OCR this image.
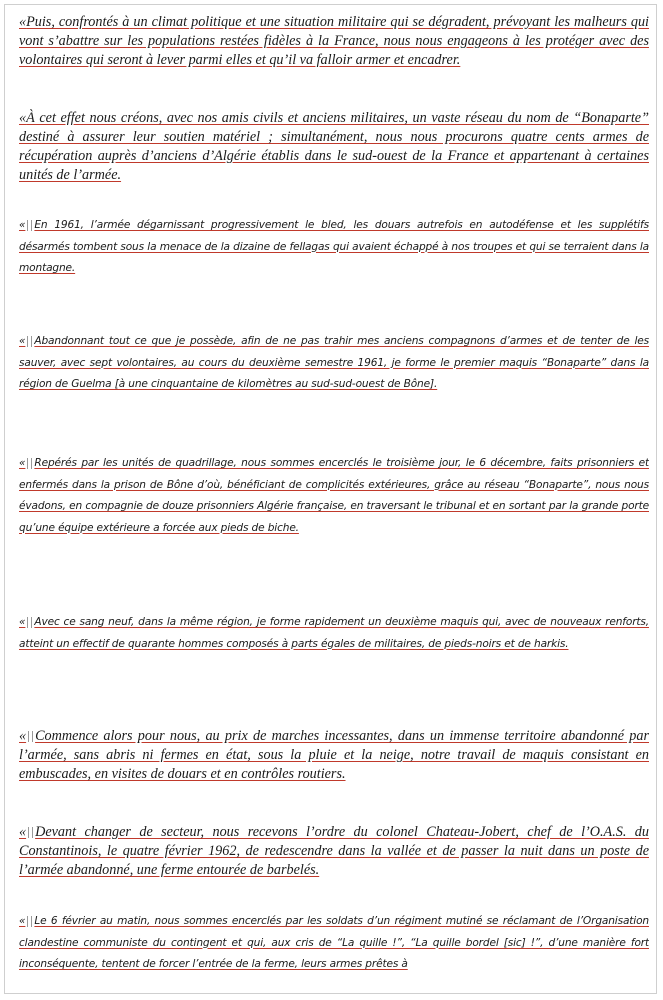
«Puis, confrontés à un climat politique et une situation militaire qui se dégradent, prévoyant les malheurs qui vont s’abattre sur les populations restées fidèles à la France, nous nous engageons à les protéger avec des volontaires qui seront à lever parmi elles et qu’il va falloir armer et encadrer.

«À cet effet nous créons, avec nos amis civils et anciens militaires, un vaste réseau du nom de “Bonaparte” destiné à assurer leur soutien matériel ; simultanément, nous nous procurons quatre cents armes de récupération auprès d’anciens d’Algérie établis dans le sud-ouest de la France et appartenant à certaines unités de l’armée.

« En 1961, l’armée dégarnissant progressivement le bled, les douars autrefois en autodéfense et les supplétifs désarmés tombent sous la menace de la dizaine de fellagas qui avaient échappé à nos troupes et qui se terraient dans la montagne.

« Abandonnant tout ce que je possède, afin de ne pas trahir mes anciens compagnons d’armes et de tenter de les sauver, avec sept volontaires, au cours du deuxième semestre 1961, je forme le premier maquis “Bonaparte” dans la région de Guelma [à une cinquantaine de kilomètres au sud-sud-ouest de Bône].

« Repérés par les unités de quadrillage, nous sommes encerclés le troisième jour, le 6 décembre, faits prisonniers et enfermés dans la prison de Bône d’où, bénéficiant de complicités extérieures, grâce au réseau “Bonaparte”, nous nous évadons, en compagnie de douze prisonniers Algérie française, en traversant le tribunal et en sortant par la grande porte qu’une équipe extérieure a forcée aux pieds de biche.

« Avec ce sang neuf, dans la même région, je forme rapidement un deuxième maquis qui, avec de nouveaux renforts, atteint un effectif de quarante hommes composés à parts égales de militaires, de pieds-noirs et de harkis.

« Commence alors pour nous, au prix de marches incessantes, dans un immense territoire abandonné par l’armée, sans abris ni fermes en état, sous la pluie et la neige, notre travail de maquis consistant en embuscades, en visites de douars et en contrôles routiers.

« Devant changer de secteur, nous recevons l’ordre du colonel Chateau-Jobert, chef de l’O.A.S. du Constantinois, le quatre février 1962, de redescendre dans la vallée et de passer la nuit dans un poste de l’armée abandonné, une ferme entourée de barbelés.

« Le 6 février au matin, nous sommes encerclés par les soldats d’un régiment mutiné se réclamant de l’Organisation clandestine communiste du contingent et qui, aux cris de “La quille !”, “La quille bordel [sic] !”, d’une manière fort inconséquente, tentent de forcer l’entrée de la ferme, leurs armes prêtes à
